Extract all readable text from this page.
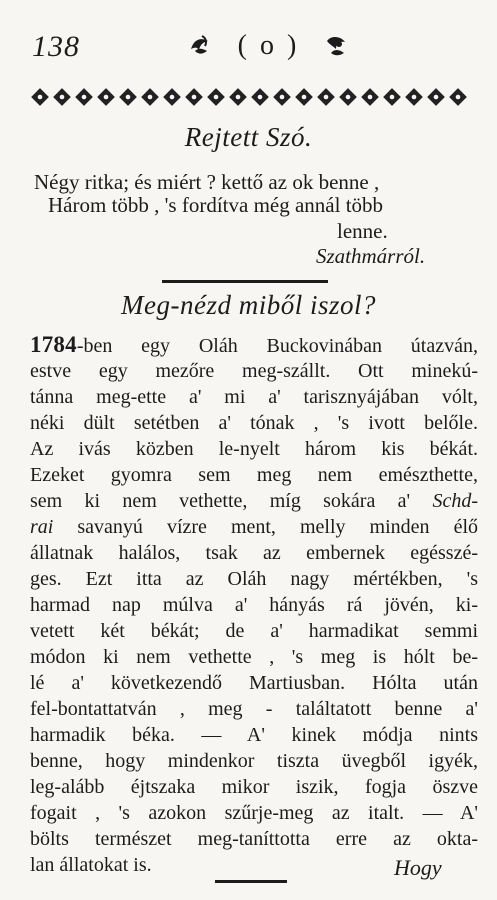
138	( o )
Rejtett Szó.
Négy ritka; és miért ? kettő az ok benne ,
Három több , 's fordítva még annál több
lenne.
Szathmárról.
Meg-nézd miből iszol?
1784-ben egy Oláh Buckovinában útazván,
estve egy mezőre meg-szállt. Ott minekú-
tánna meg-ette a' mi a' tarisznyájában vólt,
néki dült setétben a' tónak , 's ivott belőle.
Az ivás közben le-nyelt három kis békát.
Ezeket gyomra sem meg nem emészthette,
sem ki nem vethette, míg sokára a' Schd-
rai savanyú vízre ment, melly minden élő
állatnak halálos, tsak az embernek egésszé-
ges. Ezt itta az Oláh nagy mértékben, 's
harmad nap múlva a' hányás rá jövén, ki-
vetett két békát; de a' harmadikat semmi
módon ki nem vethette , 's meg is hólt be-
lé a' következendő Martiusban. Hólta után
fel-bontattatván , meg - találtatott benne a'
harmadik béka. — A' kinek módja nints
benne, hogy mindenkor tiszta üvegből igyék,
leg-alább éjtszaka mikor iszik, fogja öszve
fogait , 's azokon szűrje-meg az italt. — A'
bölts természet meg-taníttotta erre az okta-
lan állatokat is.	Hogy
